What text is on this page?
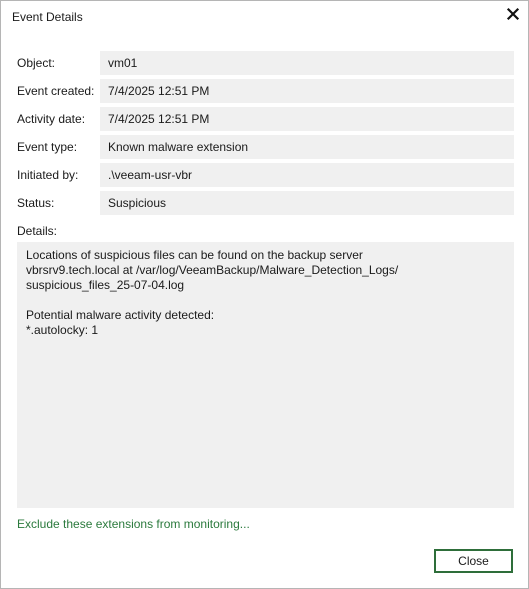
Event Details
Object:	vm01
Event created:	7/4/2025 12:51 PM
Activity date:	7/4/2025 12:51 PM
Event type:	Known malware extension
Initiated by:	.\veeam-usr-vbr
Status:	Suspicious
Details:
Locations of suspicious files can be found on the backup server
vbrsrv9.tech.local at /var/log/VeeamBackup/Malware_Detection_Logs/
suspicious_files_25-07-04.log

Potential malware activity detected:
*.autolocky: 1
Exclude these extensions from monitoring...
Close
